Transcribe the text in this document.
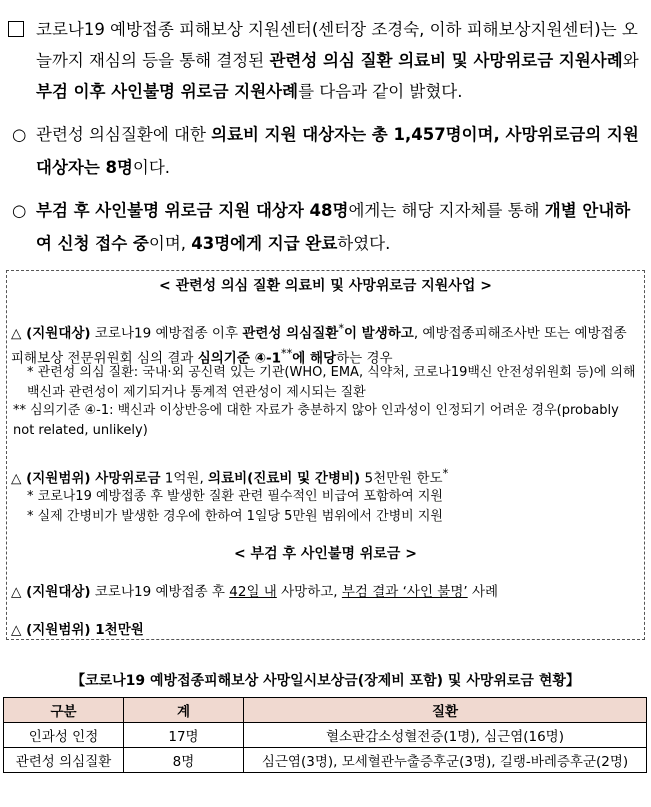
코로나19 예방접종 피해보상 지원센터(센터장 조경숙, 이하 피해보상지원센터)는 오늘까지 재심의 등을 통해 결정된 관련성 의심 질환 의료비 및 사망위로금 지원사례와 부검 이후 사인불명 위로금 지원사례를 다음과 같이 밝혔다.
○ 관련성 의심질환에 대한 의료비 지원 대상자는 총 1,457명이며, 사망위로금의 지원 대상자는 8명이다.
○ 부검 후 사인불명 위로금 지원 대상자 48명에게는 해당 지자체를 통해 개별 안내하여 신청 접수 중이며, 43명에게 지급 완료하였다.
< 관련성 의심 질환 의료비 및 사망위로금 지원사업 >
△ (지원대상) 코로나19 예방접종 이후 관련성 의심질환*이 발생하고, 예방접종피해조사반 또는 예방접종피해보상 전문위원회 심의 결과 심의기준 ④-1**에 해당하는 경우
* 관련성 의심 질환: 국내·외 공신력 있는 기관(WHO, EMA, 식약처, 코로나19백신 안전성위원회 등)에 의해 백신과 관련성이 제기되거나 통계적 연관성이 제시되는 질환
** 심의기준 ④-1: 백신과 이상반응에 대한 자료가 충분하지 않아 인과성이 인정되기 어려운 경우(probably not related, unlikely)
△ (지원범위) 사망위로금 1억원, 의료비(진료비 및 간병비) 5천만원 한도*
* 코로나19 예방접종 후 발생한 질환 관련 필수적인 비급여 포함하여 지원
* 실제 간병비가 발생한 경우에 한하여 1일당 5만원 범위에서 간병비 지원
< 부검 후 사인불명 위로금 >
△ (지원대상) 코로나19 예방접종 후 42일 내 사망하고, 부검 결과 ‘사인 불명’ 사례
△ (지원범위) 1천만원
【코로나19 예방접종피해보상 사망일시보상금(장제비 포함) 및 사망위로금 현황】
구분	계	질환
인과성 인정	17명	혈소판감소성혈전증(1명), 심근염(16명)
관련성 의심질환	8명	심근염(3명), 모세혈관누출증후군(3명), 길랭-바레증후군(2명)
